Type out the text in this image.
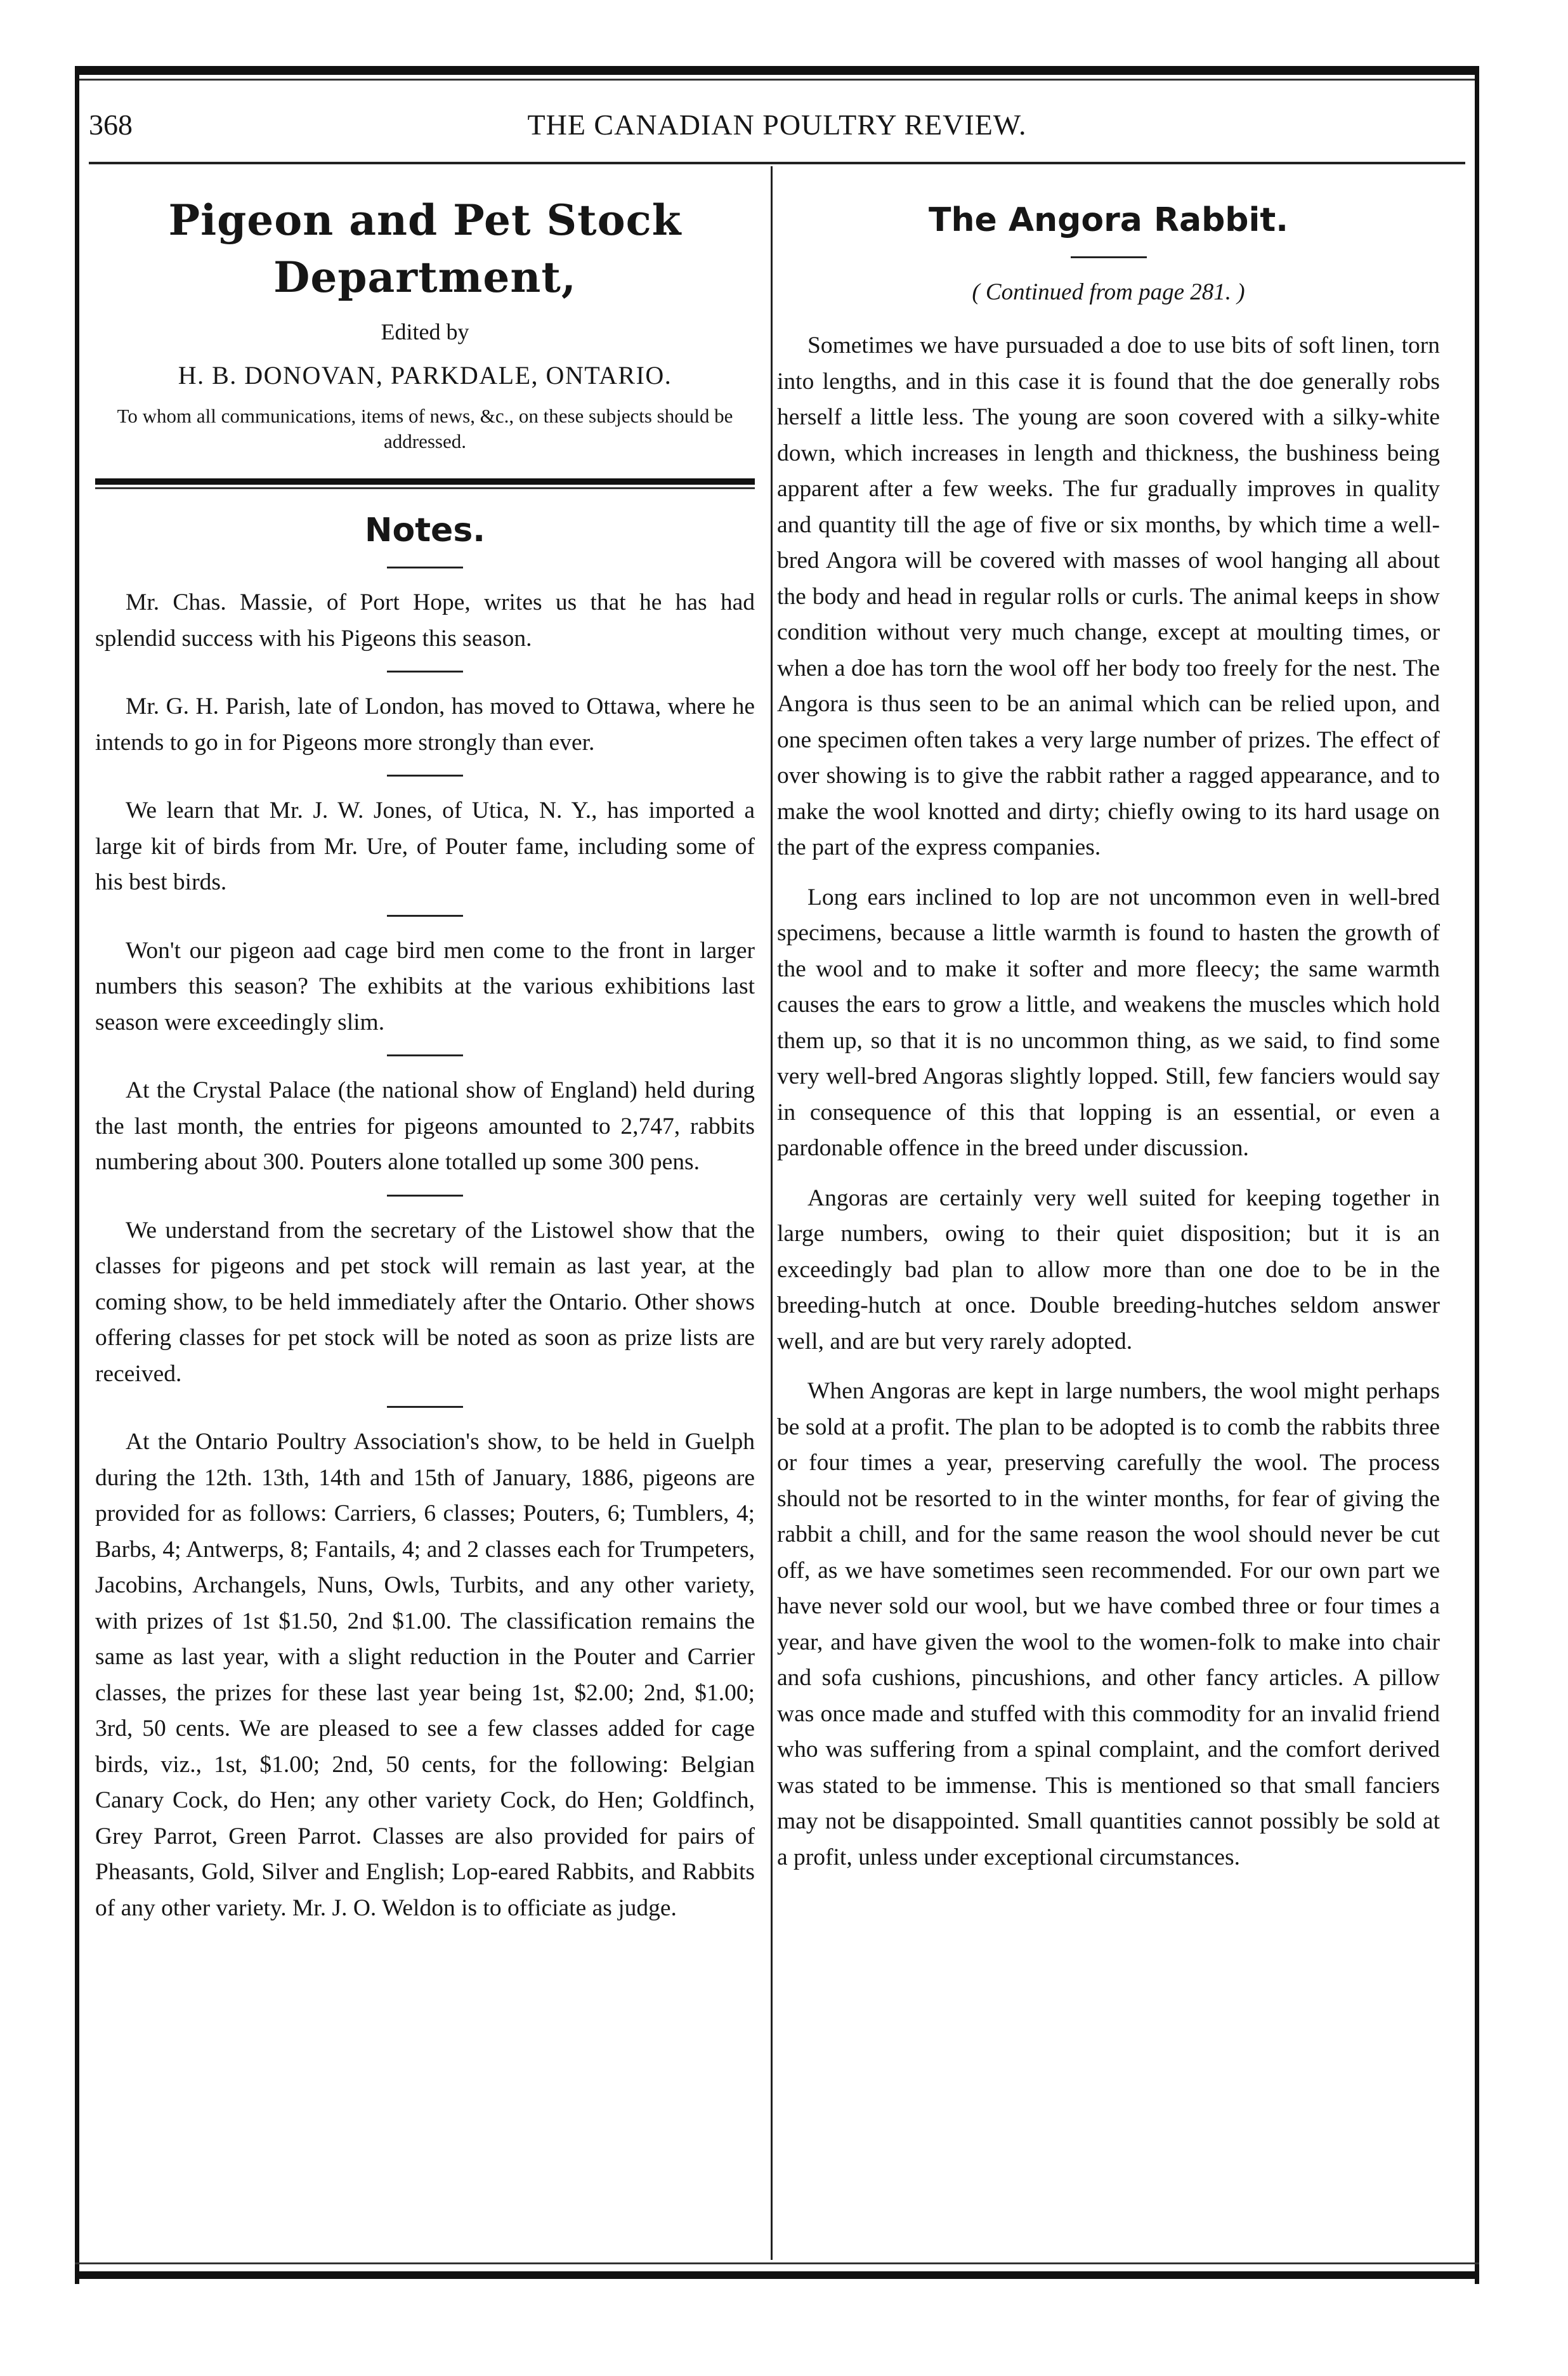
368	THE CANADIAN POULTRY REVIEW.
Pigeon and Pet Stock Department,
Edited by
H. B. DONOVAN, PARKDALE, ONTARIO.
To whom all communications, items of news, &c., on these subjects should be addressed.
Notes.

Mr. Chas. Massie, of Port Hope, writes us that he has had splendid success with his Pigeons this season.

Mr. G. H. Parish, late of London, has moved to Ottawa, where he intends to go in for Pigeons more strongly than ever.

We learn that Mr. J. W. Jones, of Utica, N. Y., has imported a large kit of birds from Mr. Ure, of Pouter fame, including some of his best birds.

Won't our pigeon aad cage bird men come to the front in larger numbers this season? The exhibits at the various exhibitions last season were exceedingly slim.

At the Crystal Palace (the national show of England) held during the last month, the entries for pigeons amounted to 2,747, rabbits numbering about 300. Pouters alone totalled up some 300 pens.

We understand from the secretary of the Listowel show that the classes for pigeons and pet stock will remain as last year, at the coming show, to be held immediately after the Ontario. Other shows offering classes for pet stock will be noted as soon as prize lists are received.

At the Ontario Poultry Association's show, to be held in Guelph during the 12th. 13th, 14th and 15th of January, 1886, pigeons are provided for as follows: Carriers, 6 classes; Pouters, 6; Tumblers, 4; Barbs, 4; Antwerps, 8; Fantails, 4; and 2 classes each for Trumpeters, Jacobins, Archangels, Nuns, Owls, Turbits, and any other variety, with prizes of 1st $1.50, 2nd $1.00. The classification remains the same as last year, with a slight reduction in the Pouter and Carrier classes, the prizes for these last year being 1st, $2.00; 2nd, $1.00; 3rd, 50 cents. We are pleased to see a few classes added for cage birds, viz., 1st, $1.00; 2nd, 50 cents, for the following: Belgian Canary Cock, do Hen; any other variety Cock, do Hen; Goldfinch, Grey Parrot, Green Parrot. Classes are also provided for pairs of Pheasants, Gold, Silver and English; Lop-eared Rabbits, and Rabbits of any other variety. Mr. J. O. Weldon is to officiate as judge.

The Angora Rabbit.
( Continued from page 281. )

Sometimes we have pursuaded a doe to use bits of soft linen, torn into lengths, and in this case it is found that the doe generally robs herself a little less. The young are soon covered with a silky-white down, which increases in length and thickness, the bushiness being apparent after a few weeks. The fur gradually improves in quality and quantity till the age of five or six months, by which time a well-bred Angora will be covered with masses of wool hanging all about the body and head in regular rolls or curls. The animal keeps in show condition without very much change, except at moulting times, or when a doe has torn the wool off her body too freely for the nest. The Angora is thus seen to be an animal which can be relied upon, and one specimen often takes a very large number of prizes. The effect of over showing is to give the rabbit rather a ragged appearance, and to make the wool knotted and dirty; chiefly owing to its hard usage on the part of the express companies.

Long ears inclined to lop are not uncommon even in well-bred specimens, because a little warmth is found to hasten the growth of the wool and to make it softer and more fleecy; the same warmth causes the ears to grow a little, and weakens the muscles which hold them up, so that it is no uncommon thing, as we said, to find some very well-bred Angoras slightly lopped. Still, few fanciers would say in consequence of this that lopping is an essential, or even a pardonable offence in the breed under discussion.

Angoras are certainly very well suited for keeping together in large numbers, owing to their quiet disposition; but it is an exceedingly bad plan to allow more than one doe to be in the breeding-hutch at once. Double breeding-hutches seldom answer well, and are but very rarely adopted.

When Angoras are kept in large numbers, the wool might perhaps be sold at a profit. The plan to be adopted is to comb the rabbits three or four times a year, preserving carefully the wool. The process should not be resorted to in the winter months, for fear of giving the rabbit a chill, and for the same reason the wool should never be cut off, as we have sometimes seen recommended. For our own part we have never sold our wool, but we have combed three or four times a year, and have given the wool to the women-folk to make into chair and sofa cushions, pincushions, and other fancy articles. A pillow was once made and stuffed with this commodity for an invalid friend who was suffering from a spinal complaint, and the comfort derived was stated to be immense. This is mentioned so that small fanciers may not be disappointed. Small quantities cannot possibly be sold at a profit, unless under exceptional circumstances.
